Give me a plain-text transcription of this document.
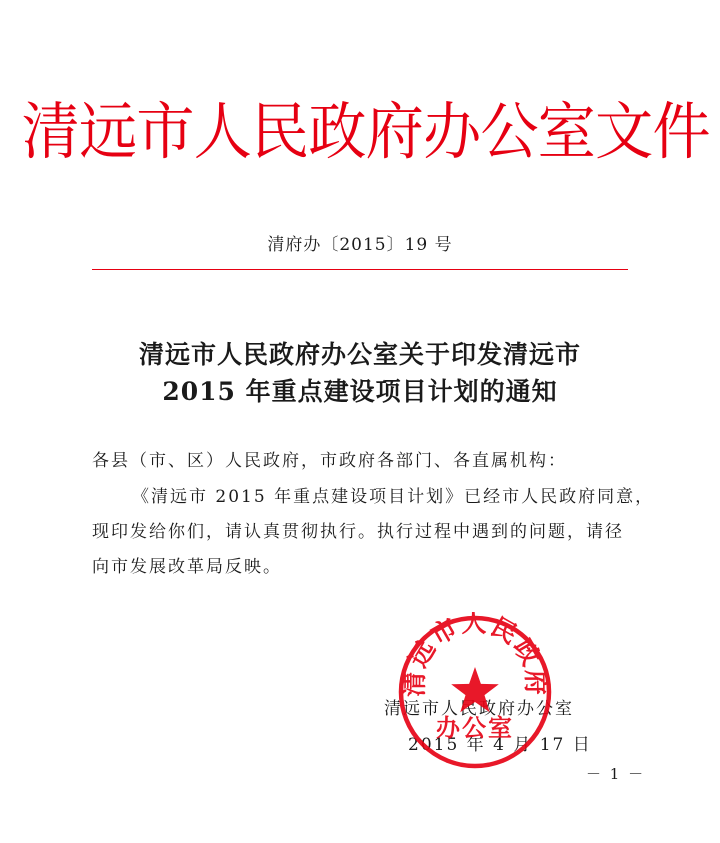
清远市人民政府办公室文件
清府办〔2015〕19 号
清远市人民政府办公室关于印发清远市
2015 年重点建设项目计划的通知
各县（市、区）人民政府，市政府各部门、各直属机构：
《清远市 2015 年重点建设项目计划》已经市人民政府同意，
现印发给你们，请认真贯彻执行。执行过程中遇到的问题，请径
向市发展改革局反映。
清远市人民政府办公室
2015 年 4 月 17 日
清远市人民政府
办公室
－ 1 －
